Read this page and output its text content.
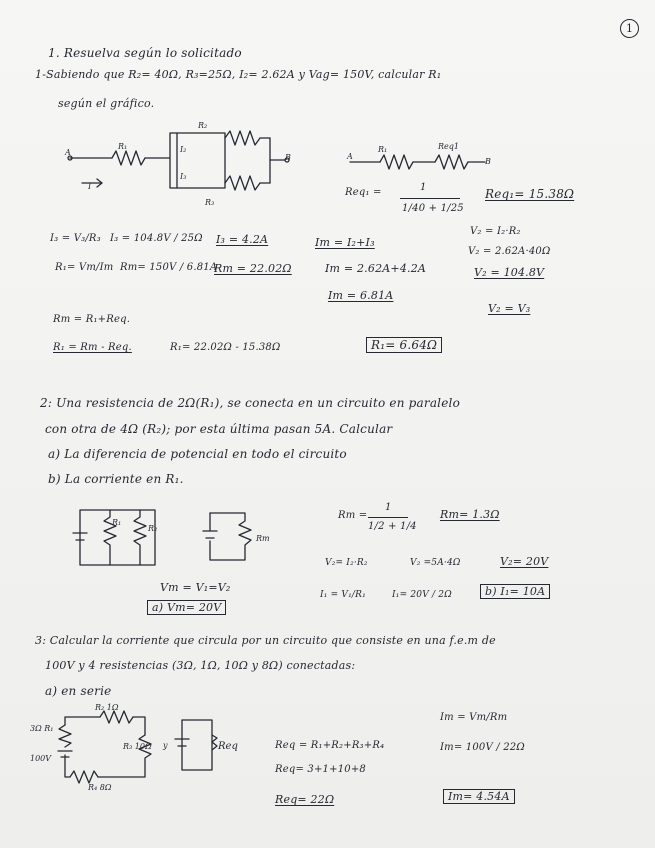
1
1. Resuelva según lo solicitado
1-Sabiendo que R₂= 40Ω, R₃=25Ω, I₂= 2.62A y Vag= 150V, calcular R₁
según el gráfico.
A
B
R₁
R₂
R₃
I
I₂
I₃
A
B
R₁	Req1
Req₁ =	1
1/40 + 1/25
Req₁= 15.38Ω
V₂ = I₂·R₂
V₂ = 2.62A·40Ω
V₂ = 104.8V
V₂ = V₃
I₃ = V₃/R₃ I₃ = 104.8V / 25Ω I₃ = 4.2A	Iт = I₂+I₃
R₁= Vт/Iт Rт= 150V / 6.81A
Rт = 22.02Ω	Iт = 2.62A+4.2A
Iт = 6.81A
Rт = R₁+Req.
R₁ = Rт - Req.	R₁= 22.02Ω - 15.38Ω	R₁= 6.64Ω
2: Una resistencia de 2Ω(R₁), se conecta en un circuito en paralelo
con otra de 4Ω (R₂); por esta última pasan 5A. Calcular
a) La diferencia de potencial en todo el circuito
b) La corriente en R₁.
R₁
R₂
Rт
Rт =
1
1/2 + 1/4
Rт= 1.3Ω
V₂= I₂·R₂	V₂ =5A·4Ω	V₂= 20V
I₁ = V₁/R₁	I₁= 20V / 2Ω	b) I₁= 10A
Vт = V₁=V₂
a) Vт= 20V
3: Calcular la corriente que circula por un circuito que consiste en una f.e.m de
100V y 4 resistencias (3Ω, 1Ω, 10Ω y 8Ω) conectadas:
a) en serie
3Ω R₁
R₂ 1Ω
R₃ 10Ω
R₄ 8Ω
100V
y	Req	Req = R₁+R₂+R₃+R₄
Req= 3+1+10+8
Req= 22Ω
Iт = Vт/Rт
Iт= 100V / 22Ω
Iт= 4.54A
